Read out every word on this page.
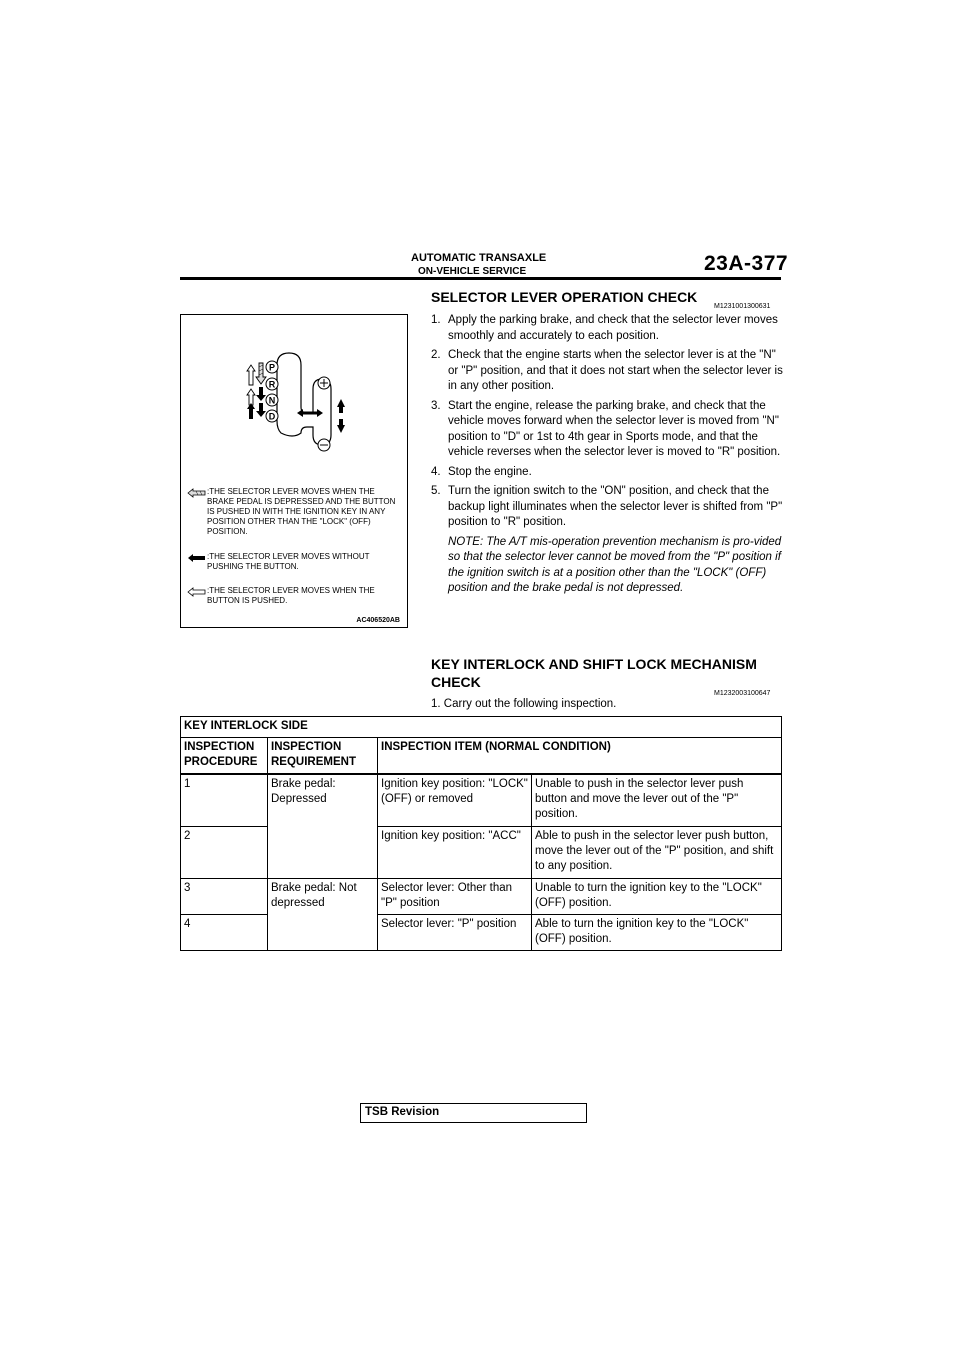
AUTOMATIC TRANSAXLE
ON-VEHICLE SERVICE	23A-377
P
R
N
D
:THE SELECTOR LEVER MOVES WHEN THE BRAKE PEDAL IS DEPRESSED AND THE BUTTON IS PUSHED IN WITH THE IGNITION KEY IN ANY POSITION OTHER THAN THE "LOCK" (OFF) POSITION.
:THE SELECTOR LEVER MOVES WITHOUT PUSHING THE BUTTON.
:THE SELECTOR LEVER MOVES WHEN THE BUTTON IS PUSHED.
AC406520AB
SELECTOR LEVER OPERATION CHECK
M1231001300631
1. Apply the parking brake, and check that the selector lever moves smoothly and accurately to each position.
2. Check that the engine starts when the selector lever is at the "N" or "P" position, and that it does not start when the selector lever is in any other position.
3. Start the engine, release the parking brake, and check that the vehicle moves forward when the selector lever is moved from "N" position to "D" or 1st to 4th gear in Sports mode, and that the vehicle reverses when the selector lever is moved to "R" position.
4. Stop the engine.
5. Turn the ignition switch to the "ON" position, and check that the backup light illuminates when the selector lever is shifted from "P" position to "R" position.
NOTE: The A/T mis-operation prevention mechanism is pro-vided so that the selector lever cannot be moved from the "P" position if the ignition switch is at a position other than the "LOCK" (OFF) position and the brake pedal is not depressed.
KEY INTERLOCK AND SHIFT LOCK MECHANISM
CHECK
M1232003100647
1. Carry out the following inspection.
KEY INTERLOCK SIDE			
INSPECTION PROCEDURE	INSPECTION REQUIREMENT	INSPECTION ITEM (NORMAL CONDITION)	
1	Brake pedal: Depressed	Ignition key position: "LOCK" (OFF) or removed	Unable to push in the selector lever push button and move the lever out of the "P" position.
2		Ignition key position: "ACC"	Able to push in the selector lever push button, move the lever out of the "P" position, and shift to any position.
3	Brake pedal: Not depressed	Selector lever: Other than "P" position	Unable to turn the ignition key to the "LOCK" (OFF) position.
4		Selector lever: "P" position	Able to turn the ignition key to the "LOCK" (OFF) position.
TSB Revision
